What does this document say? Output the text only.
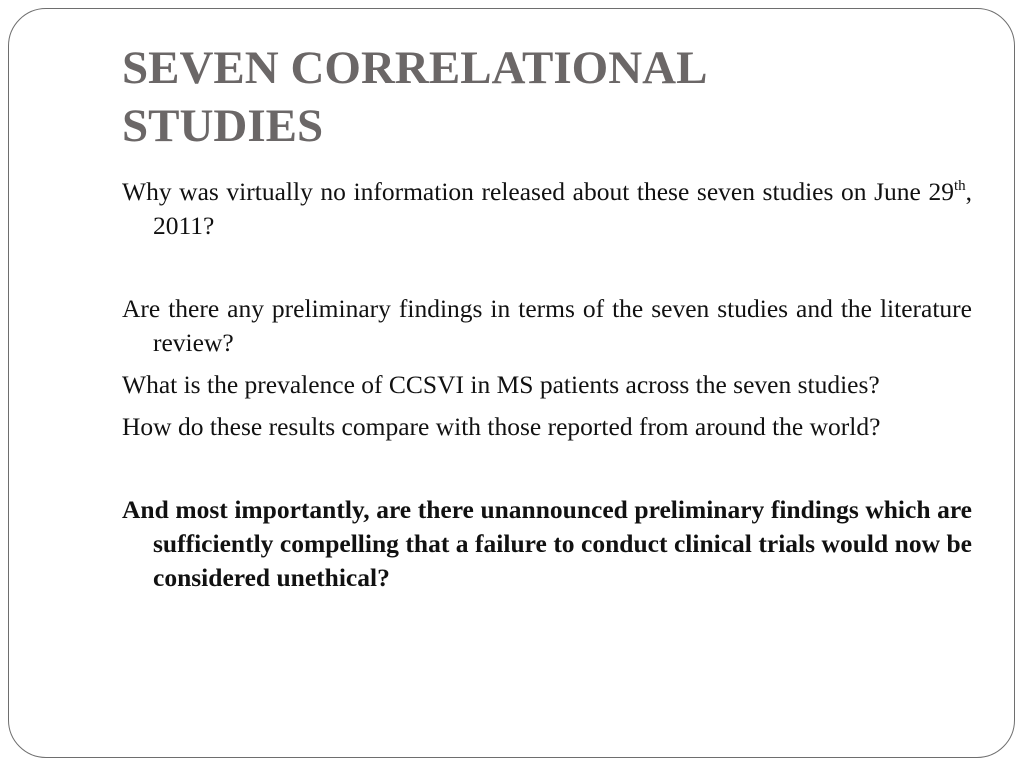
SEVEN CORRELATIONAL STUDIES

Why was virtually no information released about these seven studies on June 29th, 2011?

Are there any preliminary findings in terms of the seven studies and the literature review?

What is the prevalence of CCSVI in MS patients across the seven studies?

How do these results compare with those reported from around the world?

And most importantly, are there unannounced preliminary findings which are sufficiently compelling that a failure to conduct clinical trials would now be considered unethical?
